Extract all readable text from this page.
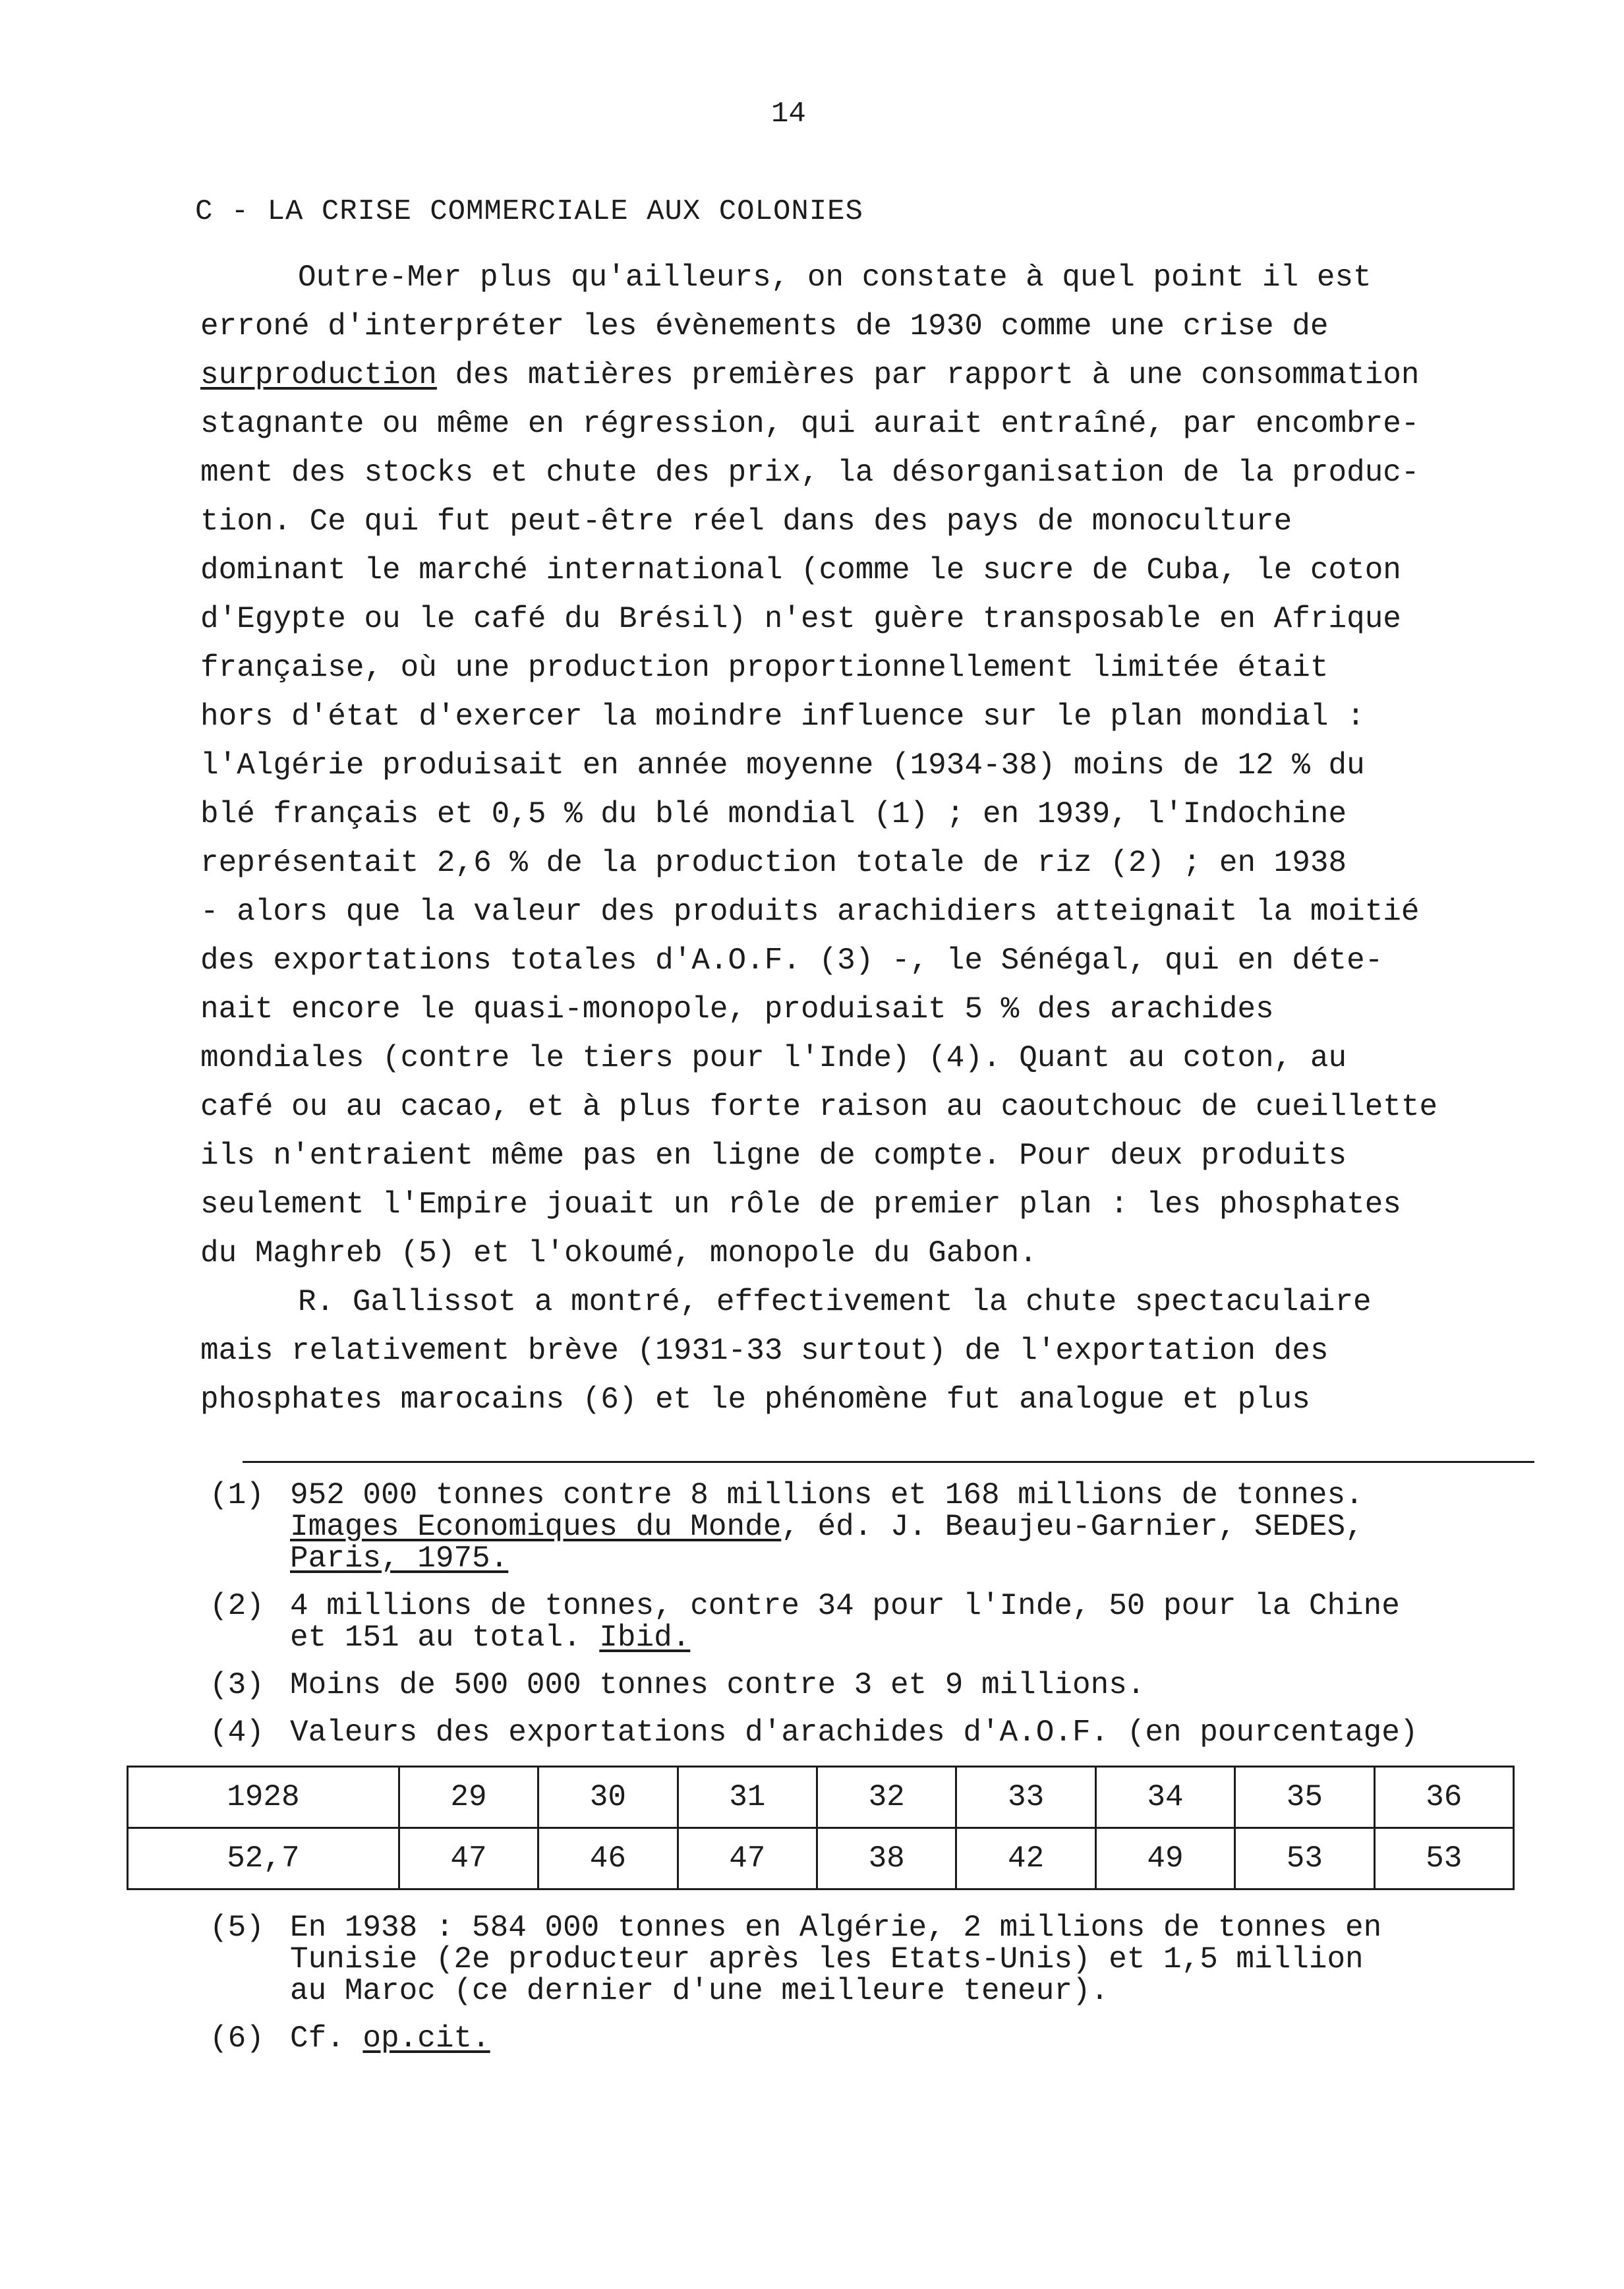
14
C - LA CRISE COMMERCIALE AUX COLONIES
Outre-Mer plus qu'ailleurs, on constate à quel point il est
erroné d'interpréter les évènements de 1930 comme une crise de
surproduction des matières premières par rapport à une consommation
stagnante ou même en régression, qui aurait entraîné, par encombre-
ment des stocks et chute des prix, la désorganisation de la produc-
tion. Ce qui fut peut-être réel dans des pays de monoculture
dominant le marché international (comme le sucre de Cuba, le coton
d'Egypte ou le café du Brésil) n'est guère transposable en Afrique
française, où une production proportionnellement limitée était
hors d'état d'exercer la moindre influence sur le plan mondial :
l'Algérie produisait en année moyenne (1934-38) moins de 12 % du
blé français et 0,5 % du blé mondial (1) ; en 1939, l'Indochine
représentait 2,6 % de la production totale de riz (2) ; en 1938
- alors que la valeur des produits arachidiers atteignait la moitié
des exportations totales d'A.O.F. (3) -, le Sénégal, qui en déte-
nait encore le quasi-monopole, produisait 5 % des arachides
mondiales (contre le tiers pour l'Inde) (4). Quant au coton, au
café ou au cacao, et à plus forte raison au caoutchouc de cueillette
ils n'entraient même pas en ligne de compte. Pour deux produits
seulement l'Empire jouait un rôle de premier plan : les phosphates
du Maghreb (5) et l'okoumé, monopole du Gabon.
R. Gallissot a montré, effectivement la chute spectaculaire
mais relativement brève (1931-33 surtout) de l'exportation des
phosphates marocains (6) et le phénomène fut analogue et plus
(1) 952 000 tonnes contre 8 millions et 168 millions de tonnes.
Images Economiques du Monde, éd. J. Beaujeu-Garnier, SEDES,
Paris, 1975.
(2) 4 millions de tonnes, contre 34 pour l'Inde, 50 pour la Chine
et 151 au total. Ibid.
(3) Moins de 500 000 tonnes contre 3 et 9 millions.
(4) Valeurs des exportations d'arachides d'A.O.F. (en pourcentage)
1928	29	30	31	32	33	34	35	36
52,7	47	46	47	38	42	49	53	53
(5) En 1938 : 584 000 tonnes en Algérie, 2 millions de tonnes en
Tunisie (2e producteur après les Etats-Unis) et 1,5 million
au Maroc (ce dernier d'une meilleure teneur).
(6) Cf. op.cit.
